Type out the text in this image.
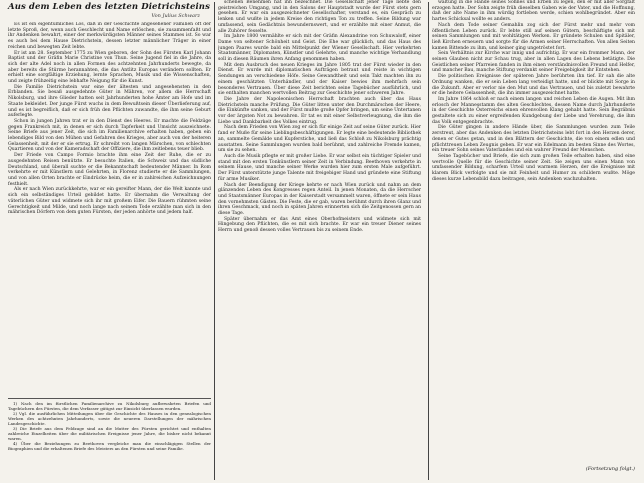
Aus dem Leben des letzten Dietrichsteins
Von Julius Schwarz

Es ist ein eigentümliches Los, daß in der Geschichte angesehener Familien oft der letzte Sproß, der, wenn auch Geschlecht und Name erlöschen, sie zusammenfaßt und ihr Andenken bewahrt, einer der merkwürdigsten Männer seines Stammes ist. So war es auch bei dem Hause Dietrichstein, dessen letzter männlicher Träger in einer reichen und bewegten Zeit lebte.

Er ist am 28. September 1775 zu Wien geboren, der Sohn des Fürsten Karl Johann Baptist und der Gräfin Marie Christine von Thun. Seine Jugend fiel in die Jahre, da sich der alte Adel noch in allen Formen des achtzehnten Jahrhunderts bewegte, da aber bereits die Stürme herannahten, die das Antlitz Europas verändern sollten. Er erhielt eine sorgfältige Erziehung, lernte Sprachen, Musik und die Wissenschaften, und zeigte frühzeitig eine lebhafte Neigung für die Kunst.

Die Familie Dietrichstein war eine der ältesten und angesehensten in den Erblanden. Sie besaß ausgedehnte Güter in Mähren, vor allem die Herrschaft Nikolsburg, und ihre Glieder hatten seit Jahrhunderten hohe Ämter am Hofe und im Staate bekleidet. Der junge Fürst wuchs in dem Bewußtsein dieser Überlieferung auf, und es ist begreiflich, daß er sich früh den Pflichten zuwandte, die ihm seine Geburt auferlegte.

Schon in jungen Jahren trat er in den Dienst des Heeres. Er machte die Feldzüge gegen Frankreich mit, in denen er sich durch Tapferkeit und Umsicht auszeichnete. Seine Briefe aus jener Zeit, die sich im Familienarchive erhalten haben, geben ein lebendiges Bild von den Mühen und Gefahren des Krieges, aber auch von der heiteren Gelassenheit, mit der er sie ertrug. Er schreibt von langen Märschen, von schlechten Quartieren und von der Kameradschaft der Offiziere, die ihm zeitlebens teuer blieb.

Der Friede von Campo Formio brachte ihm eine Zeit der Ruhe, die er zu ausgedehnten Reisen benützte. Er besuchte Italien, die Schweiz und das südliche Deutschland, und überall suchte er die Bekanntschaft bedeutender Männer. In Rom verkehrte er mit Künstlern und Gelehrten, in Florenz studierte er die Sammlungen, und von allen Orten brachte er Eindrücke heim, die er in zahlreichen Aufzeichnungen festhielt.

Als er nach Wien zurückkehrte, war er ein gereifter Mann, der die Welt kannte und sich ein selbständiges Urteil gebildet hatte. Er übernahm die Verwaltung der väterlichen Güter und widmete sich ihr mit großem Eifer. Die Bauern rühmten seine Gerechtigkeit und Milde, und noch lange nach seinem Tode erzählte man sich in den mährischen Dörfern von dem guten Fürsten, der jeden anhörte und jedem half.

1) Nach den im fürstlichen Familienarchive zu Nikolsburg aufbewahrten Briefen und Tagebüchern des Fürsten, die dem Verfasser gütigst zur Einsicht überlassen wurden.

2) Vgl. die ausführlichen Mitteilungen über die Geschichte des Hauses in den genealogischen Werken des achtzehnten Jahrhunderts, sowie die neueren Darstellungen der mährischen Landesgeschichte.

3) Die Briefe aus dem Feldzuge sind an die Mutter des Fürsten gerichtet und enthalten zahlreiche Einzelheiten über die militärischen Ereignisse jener Jahre, die bisher nicht bekannt waren.

4) Über die Beziehungen zu Beethoven vergleiche man die einschlägigen Stellen der Biographien und die erhaltenen Briefe des Meisters an den Fürsten und seine Familie.

schenen Benehmen hat ihn bezeichnet. Die Gesellschaft jener Tage liebte den geistreichen Umgang, und in den Salons der Hauptstadt wurde der Fürst stets gern gesehen. Er war ein ausgezeichneter Gesellschafter, verstand es, ein Gespräch zu lenken und wußte in jedem Kreise den richtigen Ton zu treffen. Seine Bildung war umfassend, sein Gedächtnis bewundernswert, und er erzählte mit einer Anmut, die alle Zuhörer fesselte.

Im Jahre 1800 vermählte er sich mit der Gräfin Alexandrine von Schuwaloff, einer Dame von seltener Schönheit und Geist. Die Ehe war glücklich, und das Haus des jungen Paares wurde bald ein Mittelpunkt der Wiener Gesellschaft. Hier verkehrten Staatsmänner, Diplomaten, Künstler und Gelehrte, und manche wichtige Verhandlung soll in diesen Räumen ihren Anfang genommen haben.

Mit dem Ausbruch des neuen Krieges im Jahre 1805 trat der Fürst wieder in den Dienst. Er wurde mit diplomatischen Aufträgen betraut und reiste in wichtigen Sendungen an verschiedene Höfe. Seine Gewandtheit und sein Takt machten ihn zu einem geschätzten Unterhändler, und der Kaiser bewies ihm mehrfach sein besonderes Vertrauen. Über diese Zeit berichten seine Tagebücher ausführlich, und sie enthalten manchen wertvollen Beitrag zur Geschichte jener schweren Jahre.

Die Jahre der Napoleonischen Herrschaft brachten auch über das Haus Dietrichstein manche Prüfung. Die Güter litten unter den Durchmärschen der Heere, die Einkünfte sanken, und der Fürst mußte große Opfer bringen, um seine Untertanen vor der ärgsten Not zu bewahren. Er tat es mit einer Selbstverleugnung, die ihm die Liebe und Dankbarkeit des Volkes eintrug.

Nach dem Frieden von Wien zog er sich für einige Zeit auf seine Güter zurück. Hier fand er Muße für seine Lieblingsbeschäftigungen. Er legte eine bedeutende Bibliothek an, sammelte Gemälde und Kupferstiche, und ließ das Schloß zu Nikolsburg prächtig ausstatten. Seine Sammlungen wurden bald berühmt, und zahlreiche Fremde kamen, um sie zu sehen.

Auch die Musik pflegte er mit großer Liebe. Er war selbst ein tüchtiger Spieler und stand mit den ersten Tonkünstlern seiner Zeit in Verbindung. Beethoven verkehrte in seinem Hause, und manche seiner Werke wurden hier zum ersten Male aufgeführt. Der Fürst unterstützte junge Talente mit freigebiger Hand und gründete eine Stiftung für arme Musiker.

Nach der Beendigung der Kriege kehrte er nach Wien zurück und nahm an dem glänzenden Leben des Kongresses regen Anteil. In jenen Monaten, da die Herrscher und Staatsmänner Europas in der Kaiserstadt versammelt waren, öffnete er sein Haus den vornehmsten Gästen. Die Feste, die er gab, waren berühmt durch ihren Glanz und ihren Geschmack, und noch in späten Jahren erinnerten sich die Zeitgenossen gern an diese Tage.

Später übernahm er das Amt eines Oberhofmeisters und widmete sich mit Hingebung den Pflichten, die es mit sich brachte. Er war ein treuer Diener seines Herrn und genoß dessen volles Vertrauen bis zu seinem Ende.

waltung in die Hände seines Sohnes und Erben zu legen, den er mit aller Sorgfalt erzogen hatte. Der Sohn zeigte früh dieselben Gaben wie der Vater, und die Hoffnung, daß der alte Name in ihm würdig fortleben werde, schien wohlbegründet. Aber ein hartes Schicksal wollte es anders.

Nach dem Tode seiner Gemahlin zog sich der Fürst mehr und mehr vom öffentlichen Leben zurück. Er lebte still auf seinen Gütern, beschäftigte sich mit seinen Sammlungen und mit wohltätigen Werken. Er gründete Schulen und Spitäler, ließ Kirchen erneuern und sorgte für die Armen seiner Herrschaften. Von allen Seiten kamen Bittende zu ihm, und keiner ging ungetröstet fort.

Sein Verhältnis zur Kirche war innig und aufrichtig. Er war ein frommer Mann, der seinen Glauben nicht zur Schau trug, aber in allen Lagen des Lebens betätigte. Die Geistlichen seiner Pfarreien fanden in ihm einen verständnisvollen Freund und Helfer, und mancher Bau, manche Stiftung verdankt seiner Freigebigkeit ihr Entstehen.

Die politischen Ereignisse der späteren Jahre berührten ihn tief. Er sah die alte Ordnung wanken, die er sein Leben lang verteidigt hatte, und er blickte mit Sorge in die Zukunft. Aber er verlor nie den Mut und das Vertrauen, und bis zuletzt bewahrte er die heitere Gelassenheit, die ihn immer ausgezeichnet hatte.

Im Jahre 1864 schloß er nach einem langen und reichen Leben die Augen. Mit ihm erlosch der Mannesstamm des alten Geschlechtes, dessen Name durch Jahrhunderte in der Geschichte Österreichs einen ehrenvollen Klang gehabt hatte. Sein Begräbnis gestaltete sich zu einer ergreifenden Kundgebung der Liebe und Verehrung, die ihm das Volk entgegenbrachte.

Die Güter gingen in andere Hände über, die Sammlungen wurden zum Teile zerstreut, aber das Andenken des letzten Dietrichsteins lebt fort in den Herzen derer, denen er Gutes getan, und in den Blättern der Geschichte, die von einem edlen und pflichttreuen Leben Zeugnis geben. Er war ein Edelmann im besten Sinne des Wortes, ein treuer Sohn seines Vaterlandes und ein wahrer Freund der Menschen.

Seine Tagebücher und Briefe, die sich zum großen Teile erhalten haben, sind eine wertvolle Quelle für die Geschichte seiner Zeit. Sie zeigen uns einen Mann von umfassender Bildung, scharfem Urteil und warmem Herzen, der die Ereignisse mit klarem Blick verfolgte und sie mit Feinheit und Humor zu schildern wußte. Möge dieses kurze Lebensbild dazu beitragen, sein Andenken wachzuhalten.

(Fortsetzung folgt.)
